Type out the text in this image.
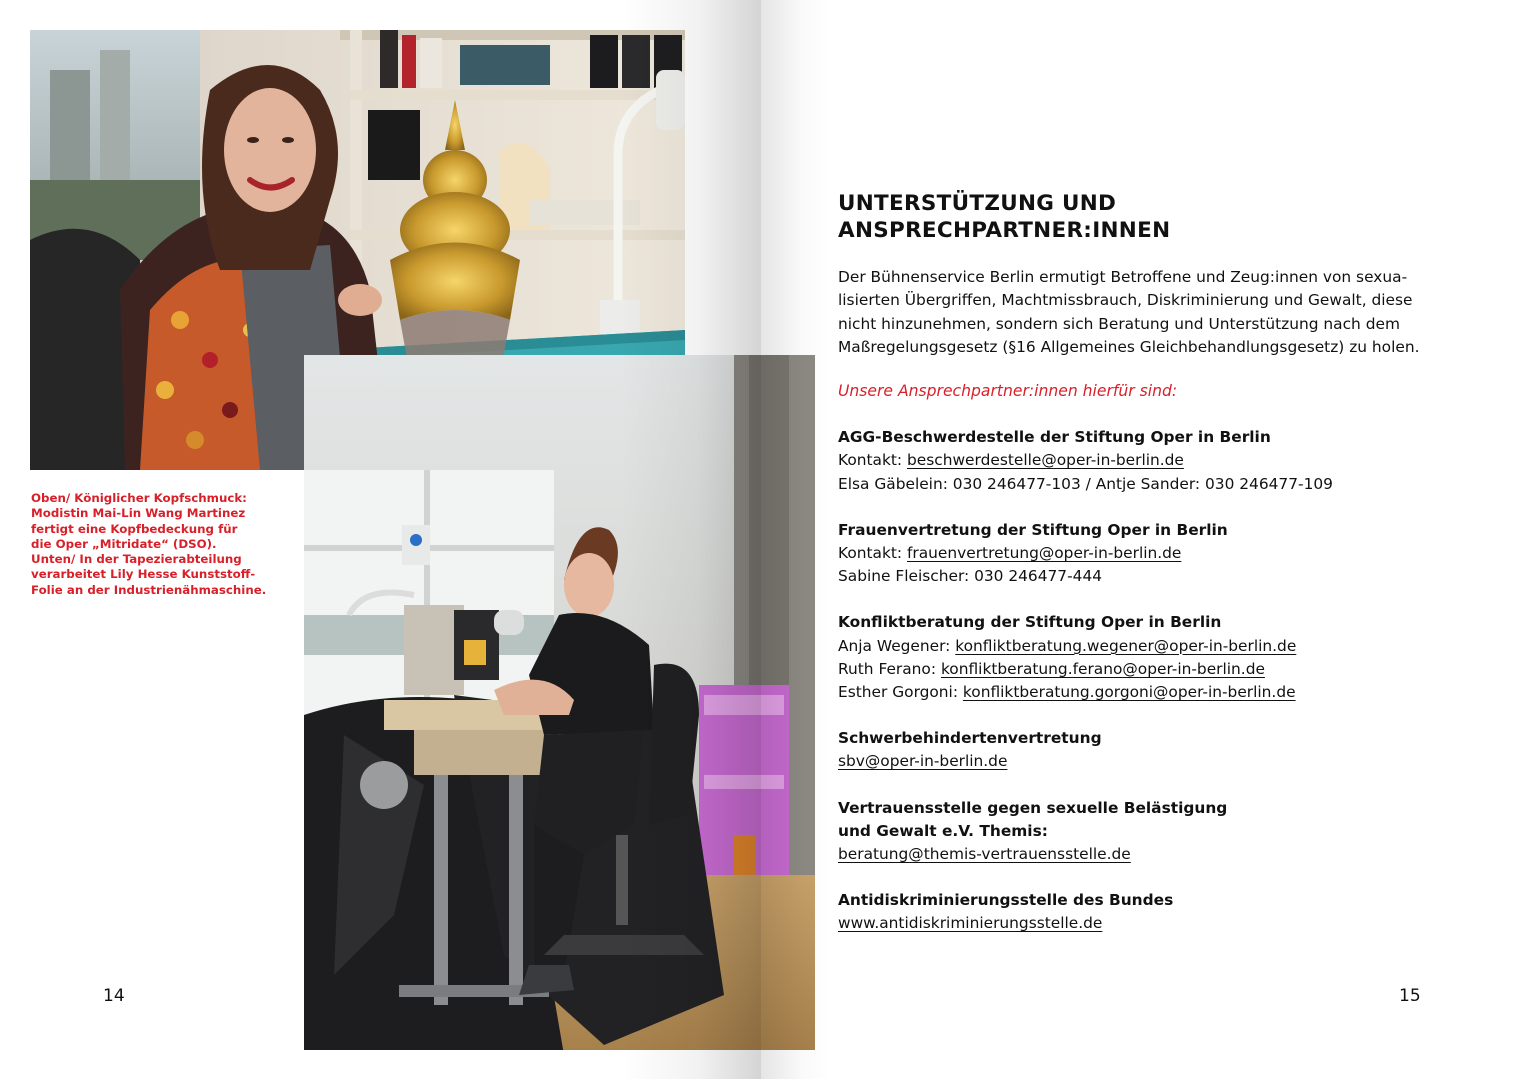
Oben/ Königlicher Kopfschmuck:
Modistin Mai-Lin Wang Martinez
fertigt eine Kopfbedeckung für
die Oper „Mitridate“ (DSO).
Unten/ In der Tapezierabteilung
verarbeitet Lily Hesse Kunststoff-
Folie an der Industrienähmaschine.
14	15
UNTERSTÜTZUNG UND
ANSPRECHPARTNER:INNEN
Der Bühnenservice Berlin ermutigt Betroffene und Zeug:innen von sexua-
lisierten Übergriffen, Machtmissbrauch, Diskriminierung und Gewalt, diese
nicht hinzunehmen, sondern sich Beratung und Unterstützung nach dem
Maßregelungsgesetz (§16 Allgemeines Gleichbehandlungsgesetz) zu holen.
Unsere Ansprechpartner:innen hierfür sind:
AGG-Beschwerdestelle der Stiftung Oper in Berlin
Kontakt: beschwerdestelle@oper-in-berlin.de
Elsa Gäbelein: 030 246477-103 / Antje Sander: 030 246477-109
Frauenvertretung der Stiftung Oper in Berlin
Kontakt: frauenvertretung@oper-in-berlin.de
Sabine Fleischer: 030 246477-444
Konfliktberatung der Stiftung Oper in Berlin
Anja Wegener: konfliktberatung.wegener@oper-in-berlin.de
Ruth Ferano: konfliktberatung.ferano@oper-in-berlin.de
Esther Gorgoni: konfliktberatung.gorgoni@oper-in-berlin.de
Schwerbehindertenvertretung
sbv@oper-in-berlin.de
Vertrauensstelle gegen sexuelle Belästigung
und Gewalt e.V. Themis:
beratung@themis-vertrauensstelle.de
Antidiskriminierungsstelle des Bundes
www.antidiskriminierungsstelle.de
